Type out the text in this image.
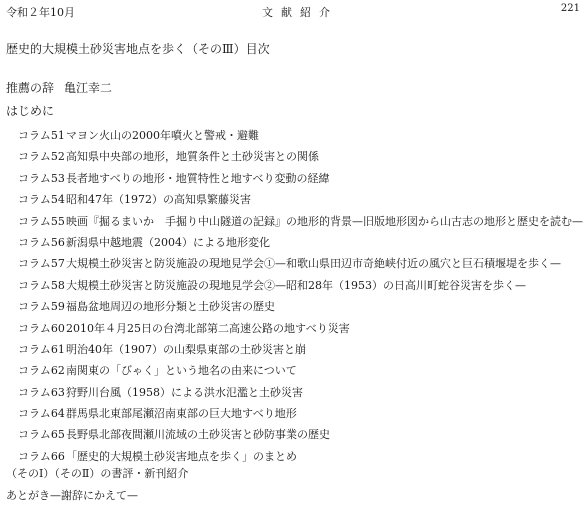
令和２年10月	文献紹介	221
歴史的大規模土砂災害地点を歩く（そのⅢ）目次
推薦の辞 亀江幸二
はじめに
コラム51マヨン火山の2000年噴火と警戒・避難
コラム52高知県中央部の地形，地質条件と土砂災害との関係
コラム53長者地すべりの地形・地質特性と地すべり変動の経緯
コラム54昭和47年（1972）の高知県繁藤災害
コラム55映画『掘るまいか　手掘り中山隧道の記録』の地形的背景—旧版地形図から山古志の地形と歴史を読む—
コラム56新潟県中越地震（2004）による地形変化
コラム57大規模土砂災害と防災施設の現地見学会①—和歌山県田辺市奇絶峡付近の風穴と巨石積堰堤を歩く—
コラム58大規模土砂災害と防災施設の現地見学会②—昭和28年（1953）の日高川町蛇谷災害を歩く—
コラム59福島盆地周辺の地形分類と土砂災害の歴史
コラム602010年４月25日の台湾北部第二高速公路の地すべり災害
コラム61明治40年（1907）の山梨県東部の土砂災害と崩
コラム62南関東の「びゃく」という地名の由来について
コラム63狩野川台風（1958）による洪水氾濫と土砂災害
コラム64群馬県北東部尾瀬沼南東部の巨大地すべり地形
コラム65長野県北部夜間瀬川流域の土砂災害と砂防事業の歴史
コラム66「歴史的大規模土砂災害地点を歩く」のまとめ
（そのⅠ）（そのⅡ）の書評・新刊紹介
あとがき—謝辞にかえて—
